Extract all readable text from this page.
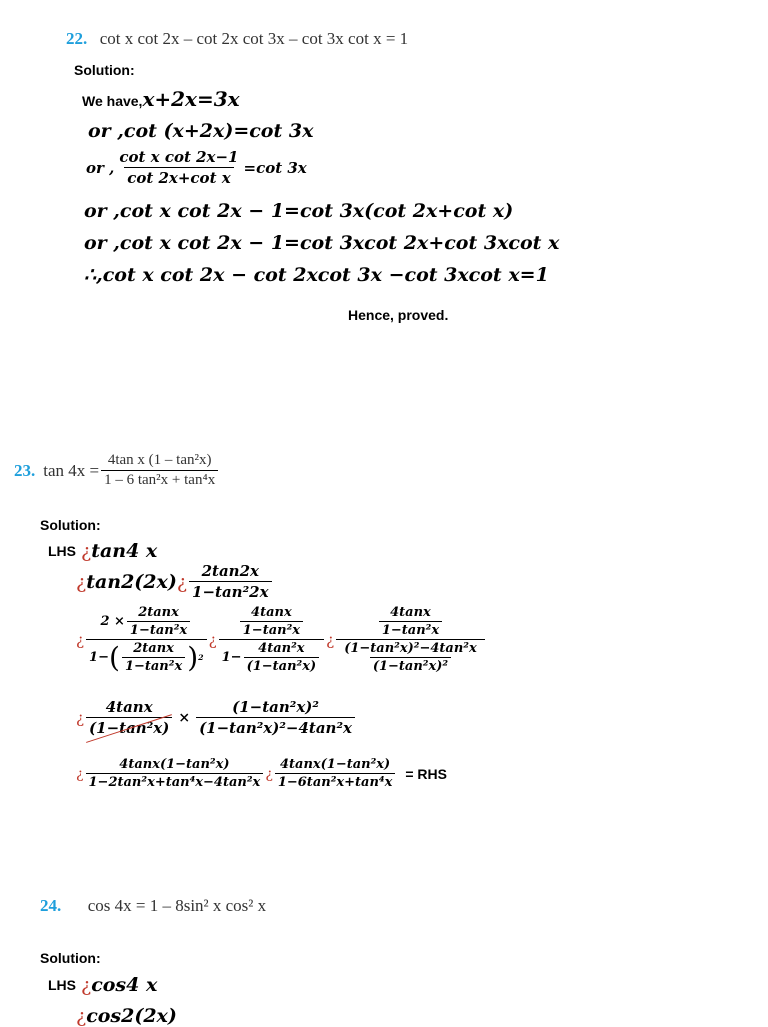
22. cot x cot 2x – cot 2x cot 3x – cot 3x cot x = 1
Solution:
We have,x+2x=3x
or ,cot (x+2x)=cot 3x
or , $\frac{\text{cot x cot 2x−1}}{\text{cot 2x+cot x}} =\cot$ 3x
or ,cot x cot 2x − 1=cot 3x(cot 2x+cot x)
or ,cot x cot 2x − 1=cot 3xcot 2x+cot 3xcot x
∴,cot x cot 2x − cot 2xcot 3x −cot 3xcot x=1
Hence, proved.
23. $\tan 4x = \frac{\text{4tan x (1 – tan²x)}}{\text{1 – 6 tan²x + tan⁴x}}$
Solution:
LHS ¿ tan4 x
¿ tan2(2x) ¿ $\frac{2\tan 2x}{\text{1−tan²2x}}$
¿
$2 \times \frac{2\tan x}{\text{1−tan²x}}$
1− ( $\frac{2\tan x}{\text{1−tan²x}}$ ) 2
¿ $\frac{\frac{4\tan x}{\text{1−tan²x}}}{1- \frac{\text{4tan²x}}{\text{(1−tan²x)}}}$ ¿ $\frac{\frac{4\tan x}{\text{1−tan²x}}}{\frac{\text{(1−tan²x)²−4tan²x}}{\text{(1−tan²x)²}}}$
¿ $\frac{4\tan x}{\text{(1−tan²x)}} \times \frac{\text{(1−tan²x)²}}{\text{(1−tan²x)²−4tan²x}}$
¿ $\frac{\text{4tanx(1−tan²x)}}{\text{1−2tan²x+tan⁴x−4tan²x}}$ ¿ $\frac{\text{4tanx(1−tan²x)}}{\text{1−6tan²x+tan⁴x}}$ = RHS
24. cos 4x = 1 – 8sin² x cos² x
Solution:
LHS ¿ cos4 x
¿ cos2(2x)
